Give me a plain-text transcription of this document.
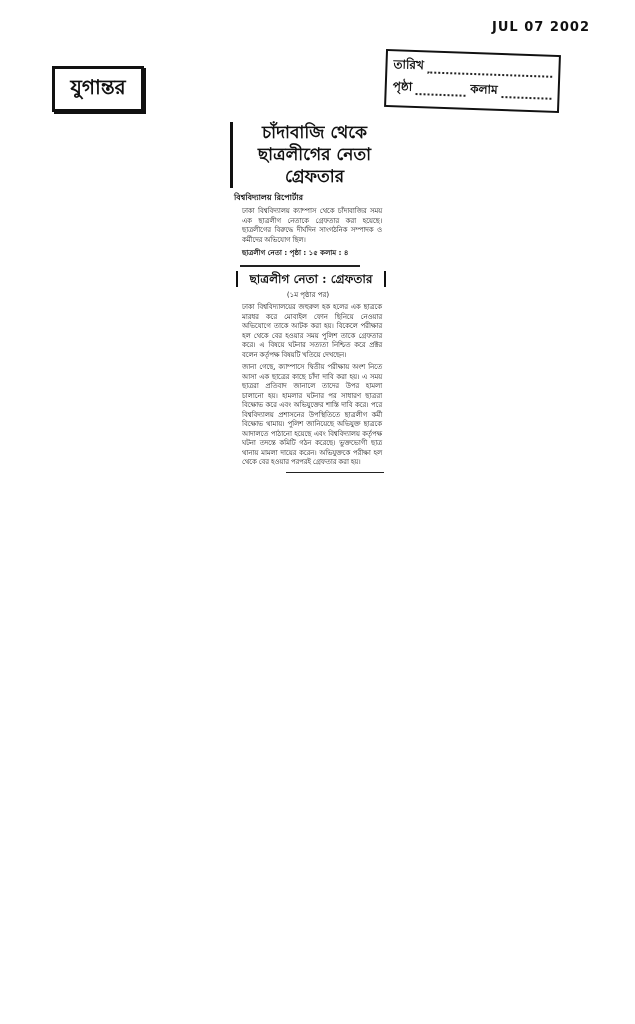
JUL 07 2002
যুগান্তর
তারিখ
পৃষ্ঠা	কলাম
চাঁদাবাজি থেকে ছাত্রলীগের নেতা গ্রেফতার
বিশ্ববিদ্যালয় রিপোর্টার
ঢাকা বিশ্ববিদ্যালয় ক্যাম্পাস থেকে চাঁদাবাজির সময় এক ছাত্রলীগ নেতাকে গ্রেফতার করা হয়েছে। ছাত্রলীগের বিরুদ্ধে দীর্ঘদিন সাংগঠনিক সম্পাদক ও কর্মীদের অভিযোগ ছিল।
ছাত্রলীগ নেতা : পৃষ্ঠা : ১৫ কলাম : ৪
ছাত্রলীগ নেতা : গ্রেফতার
(১ম পৃষ্ঠার পর)
ঢাকা বিশ্ববিদ্যালয়ের জহুরুল হক হলের এক ছাত্রকে মারধর করে মোবাইল ফোন ছিনিয়ে নেওয়ার অভিযোগে তাকে আটক করা হয়। বিকেলে পরীক্ষার হল থেকে বের হওয়ার সময় পুলিশ তাকে গ্রেফতার করে। এ বিষয়ে ঘটনার সত্যতা নিশ্চিত করে প্রক্টর বলেন কর্তৃপক্ষ বিষয়টি খতিয়ে দেখছেন।
জানা গেছে, ক্যাম্পাসে দ্বিতীয় পরীক্ষায় অংশ নিতে আসা এক ছাত্রের কাছে চাঁদা দাবি করা হয়। এ সময় ছাত্ররা প্রতিবাদ জানালে তাদের উপর হামলা চালানো হয়। হামলার ঘটনার পর সাধারণ ছাত্ররা বিক্ষোভ করে এবং অভিযুক্তের শাস্তি দাবি করে। পরে বিশ্ববিদ্যালয় প্রশাসনের উপস্থিতিতে ছাত্রলীগ কর্মী বিক্ষোভ থামায়। পুলিশ জানিয়েছে অভিযুক্ত ছাত্রকে আদালতে পাঠানো হয়েছে এবং বিশ্ববিদ্যালয় কর্তৃপক্ষ ঘটনা তদন্তে কমিটি গঠন করেছে। ভুক্তভোগী ছাত্র থানায় মামলা দায়ের করেন। অভিযুক্তকে পরীক্ষা হল থেকে বের হওয়ার পরপরই গ্রেফতার করা হয়।
